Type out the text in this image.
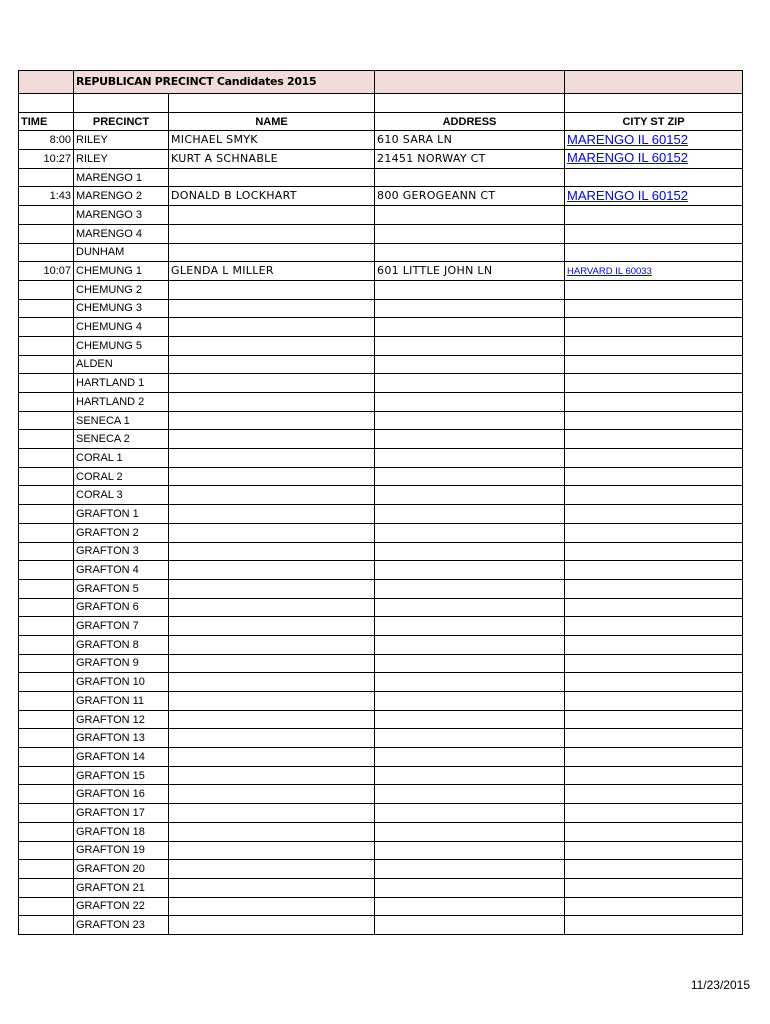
	REPUBLICAN PRECINCT Candidates 2015			

TIME	PRECINCT	NAME	ADDRESS	CITY ST ZIP
8:00	RILEY	MICHAEL SMYK	610 SARA LN	MARENGO IL 60152
10:27	RILEY	KURT A SCHNABLE	21451 NORWAY CT	MARENGO IL 60152
	MARENGO 1			
1:43	MARENGO 2	DONALD B LOCKHART	800 GEROGEANN CT	MARENGO IL 60152
	MARENGO 3			
	MARENGO 4			
	DUNHAM			
10:07	CHEMUNG 1	GLENDA L MILLER	601 LITTLE JOHN LN	HARVARD IL 60033
	CHEMUNG 2			
	CHEMUNG 3			
	CHEMUNG 4			
	CHEMUNG 5			
	ALDEN			
	HARTLAND 1			
	HARTLAND 2			
	SENECA 1			
	SENECA 2			
	CORAL 1			
	CORAL 2			
	CORAL 3			
	GRAFTON 1			
	GRAFTON 2			
	GRAFTON 3			
	GRAFTON 4			
	GRAFTON 5			
	GRAFTON 6			
	GRAFTON 7			
	GRAFTON 8			
	GRAFTON 9			
	GRAFTON 10			
	GRAFTON 11			
	GRAFTON 12			
	GRAFTON 13			
	GRAFTON 14			
	GRAFTON 15			
	GRAFTON 16			
	GRAFTON 17			
	GRAFTON 18			
	GRAFTON 19			
	GRAFTON 20			
	GRAFTON 21			
	GRAFTON 22			
	GRAFTON 23			
11/23/2015
